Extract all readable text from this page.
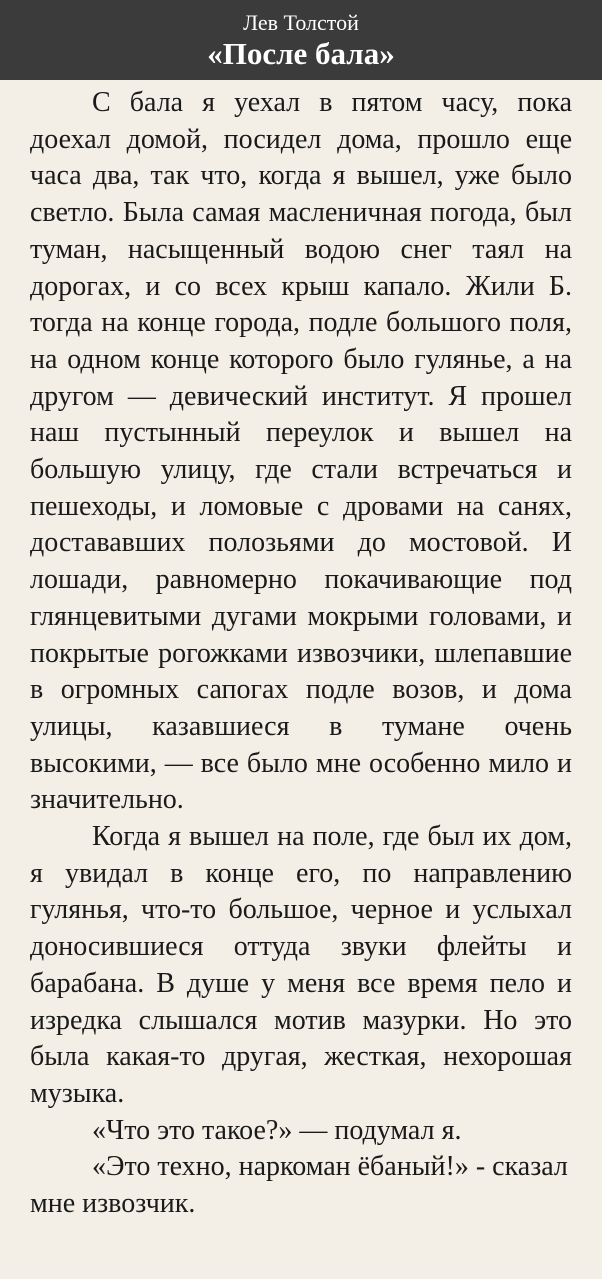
Лев Толстой
«После бала»

С бала я уехал в пятом часу, пока доехал домой, посидел дома, прошло еще часа два, так что, когда я вышел, уже было светло. Была самая масленичная погода, был туман, насыщенный водою снег таял на дорогах, и со всех крыш капало. Жили Б. тогда на конце города, подле большого поля, на одном конце которого было гулянье, а на другом — девический институт. Я прошел наш пустынный переулок и вышел на большую улицу, где стали встречаться и пешеходы, и ломовые с дровами на санях, достававших полозьями до мостовой. И лошади, равномерно покачивающие под глянцевитыми дугами мокрыми головами, и покрытые рогожками извозчики, шлепавшие в огромных сапогах подле возов, и дома улицы, казавшиеся в тумане очень высокими, — все было мне особенно мило и значительно.

Когда я вышел на поле, где был их дом, я увидал в конце его, по направлению гулянья, что-то большое, черное и услыхал доносившиеся оттуда звуки флейты и барабана. В душе у меня все время пело и изредка слышался мотив мазурки. Но это была какая-то другая, жесткая, нехорошая музыка.

«Что это такое?» — подумал я.

«Это техно, наркоман ёбаный!» - сказал мне извозчик.
